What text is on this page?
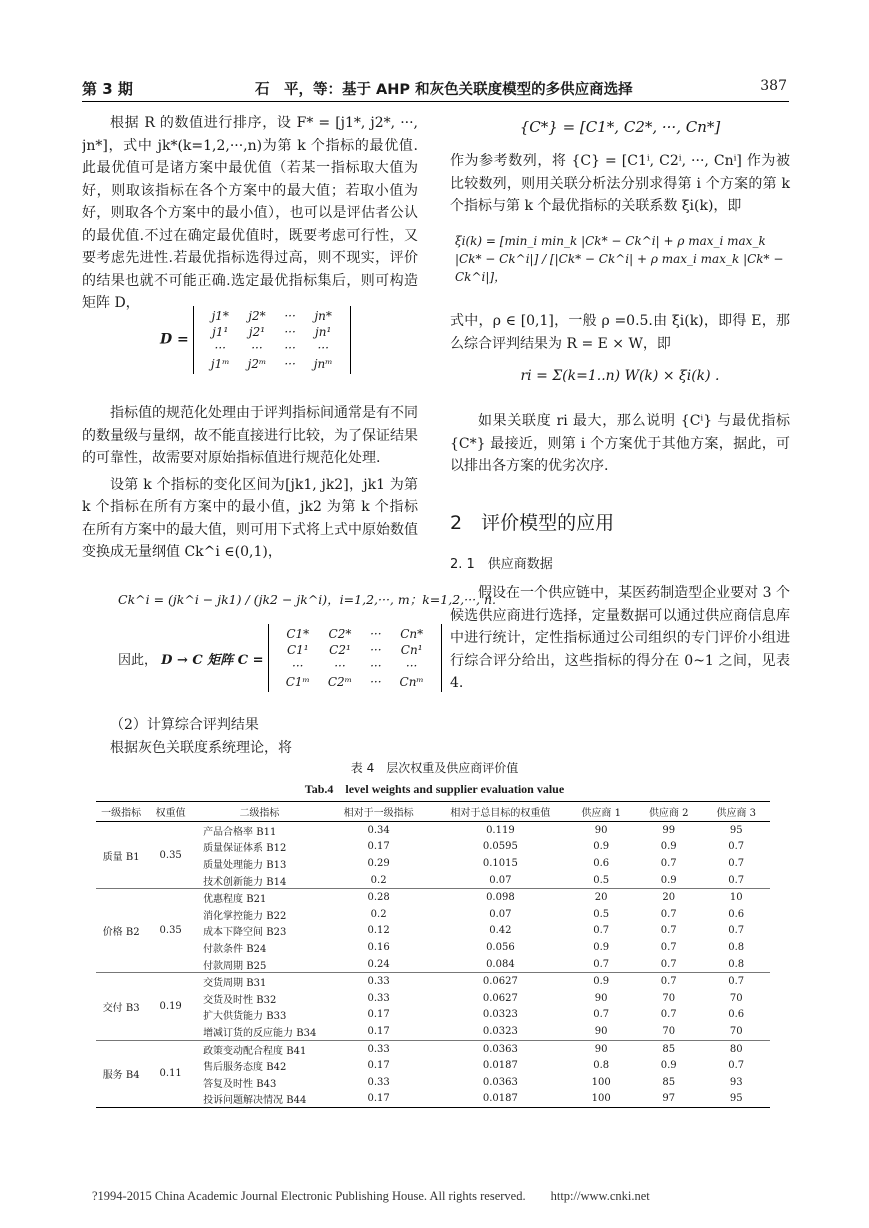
第 3 期	石　平，等：基于 AHP 和灰色关联度模型的多供应商选择	387

根据 R 的数值进行排序，设 F* = [j1*, j2*, ···, jn*]，式中 jk*(k=1,2,···,n)为第 k 个指标的最优值.此最优值可是诸方案中最优值（若某一指标取大值为好，则取该指标在各个方案中的最大值；若取小值为好，则取各个方案中的最小值），也可以是评估者公认的最优值.不过在确定最优值时，既要考虑可行性，又要考虑先进性.若最优指标选得过高，则不现实，评价的结果也就不可能正确.选定最优指标集后，则可构造矩阵 D，

D =
j1*	j2*	···	jn*
j1¹	j2¹	···	jn¹
···	···	···	···
j1ᵐ	j2ᵐ	···	jnᵐ

指标值的规范化处理由于评判指标间通常是有不同的数量级与量纲，故不能直接进行比较，为了保证结果的可靠性，故需要对原始指标值进行规范化处理.

设第 k 个指标的变化区间为[jk1, jk2]，jk1 为第 k 个指标在所有方案中的最小值，jk2 为第 k 个指标在所有方案中的最大值，则可用下式将上式中原始数值变换成无量纲值 Ck^i ∈(0,1)，

Ck^i = (jk^i − jk1) / (jk2 − jk^i)，i=1,2,···, m；k=1,2,···, n.
因此， D → C 矩阵 C =
C1*	C2*	···	Cn*
C1¹	C2¹	···	Cn¹
···	···	···	···
C1ᵐ	C2ᵐ	···	Cnᵐ

（2）计算综合评判结果

根据灰色关联度系统理论，将

{C*} = [C1*, C2*, ···, Cn*]

作为参考数列，将 {C} = [C1ⁱ, C2ⁱ, ···, Cnⁱ] 作为被比较数列，则用关联分析法分别求得第 i 个方案的第 k 个指标与第 k 个最优指标的关联系数 ξi(k)，即

ξi(k) = [min_i min_k |Ck* − Ck^i| + ρ max_i max_k |Ck* − Ck^i|] / [|Ck* − Ck^i| + ρ max_i max_k |Ck* − Ck^i|]，

式中，ρ ∈ [0,1]，一般 ρ =0.5.由 ξi(k)，即得 E，那么综合评判结果为 R = E × W，即

ri = Σ(k=1..n) W(k) × ξi(k) .

如果关联度 ri 最大，那么说明 {Cⁱ} 与最优指标 {C*} 最接近，则第 i 个方案优于其他方案，据此，可以排出各方案的优劣次序.

2　评价模型的应用
2. 1　供应商数据

假设在一个供应链中，某医药制造型企业要对 3 个候选供应商进行选择，定量数据可以通过供应商信息库中进行统计，定性指标通过公司组织的专门评价小组进行综合评分给出，这些指标的得分在 0~1 之间，见表 4.

表 4　层次权重及供应商评价值
Tab.4　level weights and supplier evaluation value
一级指标	权重值	二级指标	相对于一级指标	相对于总目标的权重值	供应商 1	供应商 2	供应商 3
质量 B1	0.35	产品合格率 B11	0.34	0.119	90	99	95
		质量保证体系 B12	0.17	0.0595	0.9	0.9	0.7
		质量处理能力 B13	0.29	0.1015	0.6	0.7	0.7
		技术创新能力 B14	0.2	0.07	0.5	0.9	0.7
价格 B2	0.35	优惠程度 B21	0.28	0.098	20	20	10
		消化掌控能力 B22	0.2	0.07	0.5	0.7	0.6
		成本下降空间 B23	0.12	0.42	0.7	0.7	0.7
		付款条件 B24	0.16	0.056	0.9	0.7	0.8
		付款周期 B25	0.24	0.084	0.7	0.7	0.8
交付 B3	0.19	交货周期 B31	0.33	0.0627	0.9	0.7	0.7
		交货及时性 B32	0.33	0.0627	90	70	70
		扩大供货能力 B33	0.17	0.0323	0.7	0.7	0.6
		增减订货的反应能力 B34	0.17	0.0323	90	70	70
服务 B4	0.11	政策变动配合程度 B41	0.33	0.0363	90	85	80
		售后服务态度 B42	0.17	0.0187	0.8	0.9	0.7
		答复及时性 B43	0.33	0.0363	100	85	93
		投诉问题解决情况 B44	0.17	0.0187	100	97	95
?1994-2015 China Academic Journal Electronic Publishing House. All rights reserved.　　http://www.cnki.net
